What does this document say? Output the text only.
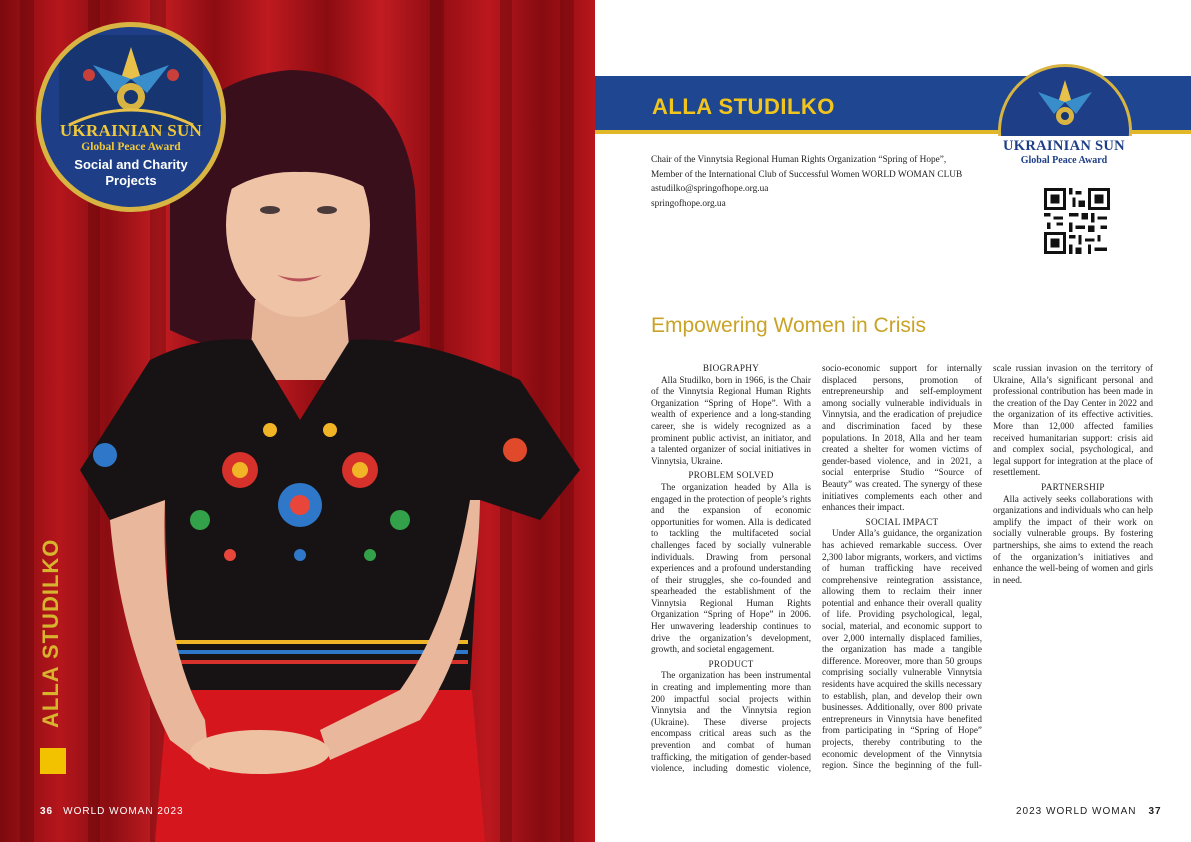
UKRAINIAN SUN
Global Peace Award
Social and Charity Projects
ALLA STUDILKO
36 WORLD WOMAN 2023
ALLA STUDILKO
UKRAINIAN SUN
Global Peace Award
Chair of the Vinnytsia Regional Human Rights Organization “Spring of Hope”,
Member of the International Club of Successful Women WORLD WOMAN CLUB
astudilko@springofhope.org.ua
springofhope.org.ua
Empowering Women in Crisis
BIOGRAPHY

Alla Studilko, born in 1966, is the Chair of the Vinnytsia Regional Human Rights Organization “Spring of Hope”. With a wealth of experience and a long-standing career, she is widely recognized as a prominent public activist, an initiator, and a talented organizer of social initiatives in Vinnytsia, Ukraine.

PROBLEM SOLVED

The organization headed by Alla is engaged in the protection of people’s rights and the expansion of economic opportunities for women. Alla is dedicated to tackling the multifaceted social challenges faced by socially vulnerable individuals. Drawing from personal experiences and a profound understanding of their struggles, she co-founded and spearheaded the establishment of the Vinnytsia Regional Human Rights Organization “Spring of Hope” in 2006. Her unwavering leadership continues to drive the organization’s development, growth, and societal engagement.

PRODUCT

The organization has been instrumental in creating and implementing more than 200 impactful social projects within Vinnytsia and the Vinnytsia region (Ukraine). These diverse projects encompass critical areas such as the prevention and combat of human trafficking, the mitigation of gender-based violence, including domestic violence, socio-economic support for internally displaced persons, promotion of entrepreneurship and self-employment among socially vulnerable individuals in Vinnytsia, and the eradication of prejudice and discrimination faced by these populations. In 2018, Alla and her team created a shelter for women victims of gender-based violence, and in 2021, a social enterprise Studio “Source of Beauty” was created. The synergy of these initiatives complements each other and enhances their impact.

SOCIAL IMPACT

Under Alla’s guidance, the organization has achieved remarkable success. Over 2,300 labor migrants, workers, and victims of human trafficking have received comprehensive reintegration assistance, allowing them to reclaim their inner potential and enhance their overall quality of life. Providing psychological, legal, social, material, and economic support to over 2,000 internally displaced families, the organization has made a tangible difference. Moreover, more than 50 groups comprising socially vulnerable Vinnytsia residents have acquired the skills necessary to establish, plan, and develop their own businesses. Additionally, over 800 private entrepreneurs in Vinnytsia have benefited from participating in “Spring of Hope” projects, thereby contributing to the economic development of the Vinnytsia region. Since the beginning of the full-scale russian invasion on the territory of Ukraine, Alla’s significant personal and professional contribution has been made in the creation of the Day Center in 2022 and the organization of its effective activities. More than 12,000 affected families received humanitarian support: crisis aid and complex social, psychological, and legal support for integration at the place of resettlement.

PARTNERSHIP

Alla actively seeks collaborations with organizations and individuals who can help amplify the impact of their work on socially vulnerable groups. By fostering partnerships, she aims to extend the reach of the organization’s initiatives and enhance the well-being of women and girls in need.

2023 WORLD WOMAN 37
